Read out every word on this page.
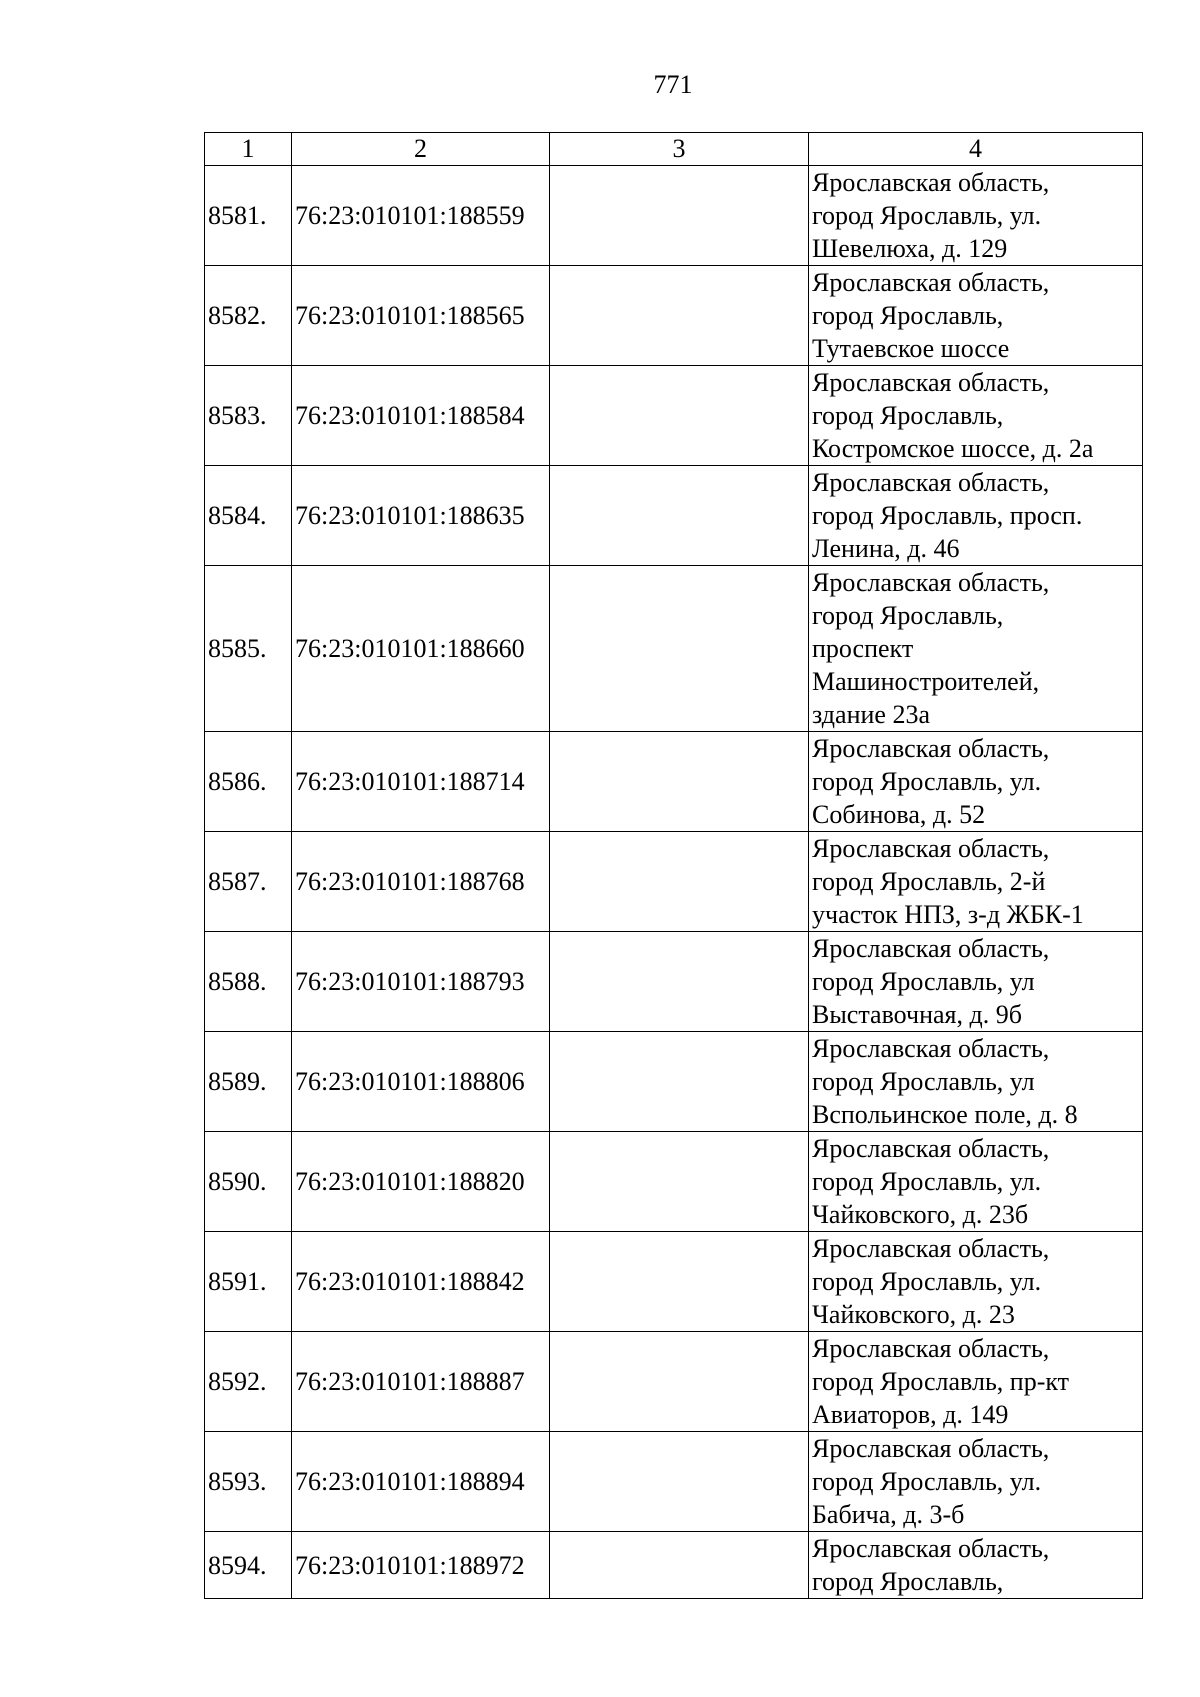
771
1	2	3	4
8581.	76:23:010101:188559		Ярославская область,
город Ярославль, ул.
Шевелюха, д. 129

8582.	76:23:010101:188565		Ярославская область,
город Ярославль,
Тутаевское шоссе

8583.	76:23:010101:188584		Ярославская область,
город Ярославль,
Костромское шоссе, д. 2а

8584.	76:23:010101:188635		Ярославская область,
город Ярославль, просп.
Ленина, д. 46

8585.	76:23:010101:188660		Ярославская область,
город Ярославль,
проспект
Машиностроителей,
здание 23а

8586.	76:23:010101:188714		Ярославская область,
город Ярославль, ул.
Собинова, д. 52

8587.	76:23:010101:188768		Ярославская область,
город Ярославль, 2-й
участок НПЗ, з-д ЖБК-1

8588.	76:23:010101:188793		Ярославская область,
город Ярославль, ул
Выставочная, д. 9б

8589.	76:23:010101:188806		Ярославская область,
город Ярославль, ул
Вспольинское поле, д. 8

8590.	76:23:010101:188820		Ярославская область,
город Ярославль, ул.
Чайковского, д. 23б

8591.	76:23:010101:188842		Ярославская область,
город Ярославль, ул.
Чайковского, д. 23

8592.	76:23:010101:188887		Ярославская область,
город Ярославль, пр-кт
Авиаторов, д. 149

8593.	76:23:010101:188894		Ярославская область,
город Ярославль, ул.
Бабича, д. 3-б

8594.	76:23:010101:188972		Ярославская область,
город Ярославль,
